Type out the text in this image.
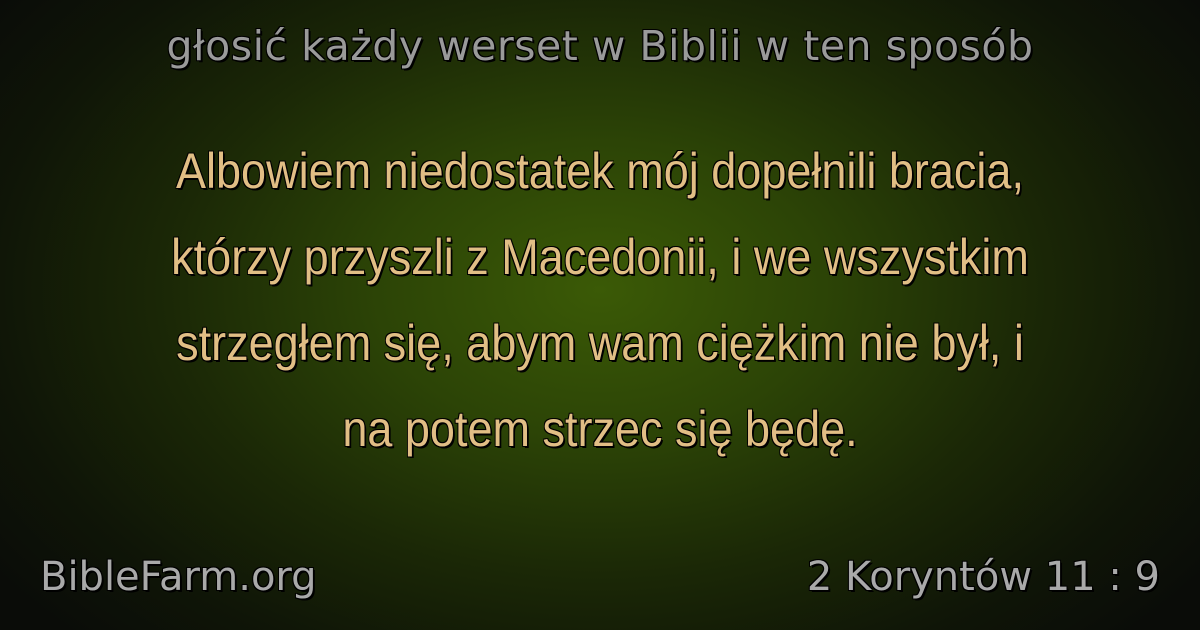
głosić każdy werset w Biblii w ten sposób
Albowiem niedostatek mój dopełnili bracia,
którzy przyszli z Macedonii, i we wszystkim
strzegłem się, abym wam ciężkim nie był, i
na potem strzec się będę.
BibleFarm.org	2 Koryntów 11 : 9
